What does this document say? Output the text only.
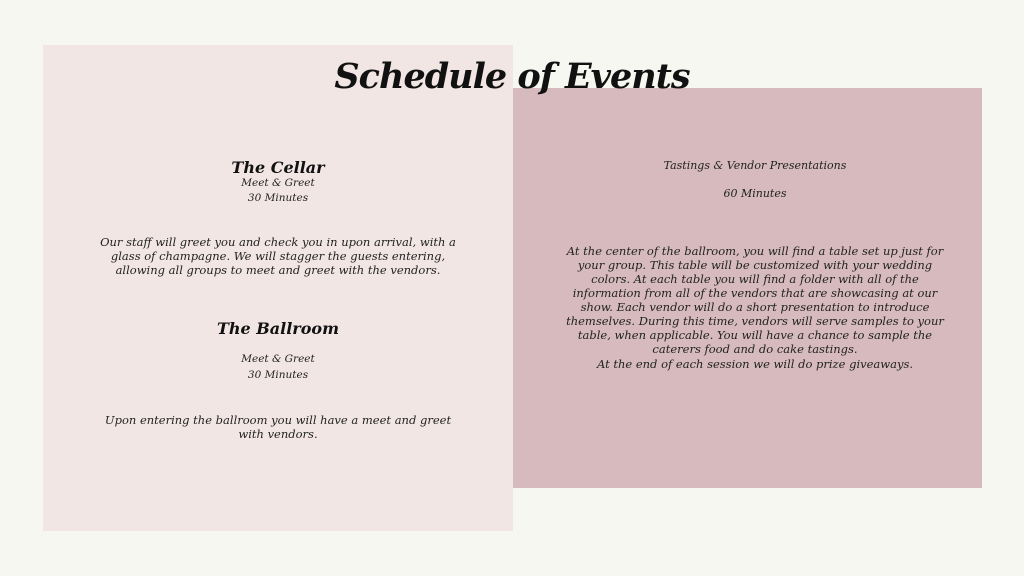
Schedule of Events
The Cellar
Meet & Greet
30 Minutes
Our staff will greet you and check you in upon arrival, with a glass of champagne. We will stagger the guests entering, allowing all groups to meet and greet with the vendors.
The Ballroom
Meet & Greet
30 Minutes
Upon entering the ballroom you will have a meet and greet with vendors.
Tastings & Vendor Presentations
60 Minutes
At the center of the ballroom, you will find a table set up just for your group. This table will be customized with your wedding colors. At each table you will find a folder with all of the information from all of the vendors that are showcasing at our show. Each vendor will do a short presentation to introduce themselves. During this time, vendors will serve samples to your table, when applicable. You will have a chance to sample the caterers food and do cake tastings.
At the end of each session we will do prize giveaways.
